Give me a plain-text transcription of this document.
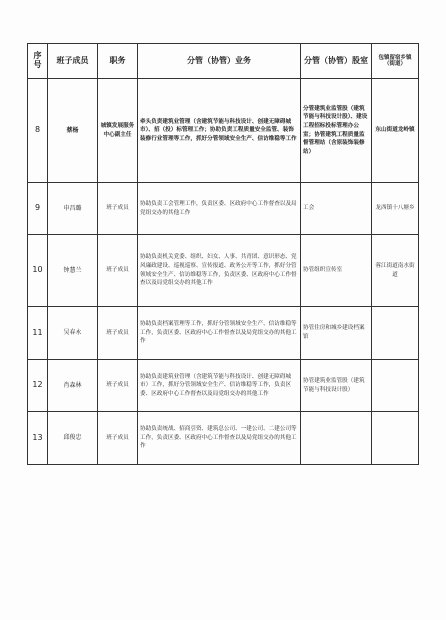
序号	班子成员	职务	分管（协管）业务	分管（协管）股室	包镇留宿乡镇（街道）
8	蔡杨	城镇发展服务中心副主任	牵头负责建筑业管理（含建筑节能与科技设计、创建无障碍城市）、招（投）标管理工作；协助负责工程质量安全监管、装饰装修行业管理等工作，抓好分管领域安全生产、信访维稳等工作	分管建筑业监管股（建筑节能与科技设计股）、建设工程招标投标管理办公室；协管建筑工程质量监督管理站（含原装饰装修站）	东山街道龙岭镇
9	申昌璐	班子成员	协助负责工会管理工作，负责区委、区政府中心工作督查以及局党组交办的其他工作	工会	龙西镇十八塘乡
10	钟慧兰	班子成员	协助负责机关党委、组织、妇女、人事、共青团、意识形态、党风廉政建设、巡视巡察、宣传报道、政务公开等工作，抓好分管领域安全生产、信访维稳等工作，负责区委、区政府中心工作督查以及局党组交办的其他工作	协管组织宣传室	蓉江街道南水街道
11	吴春永	班子成员	协助负责档案管理等工作，抓好分管领域安全生产、信访维稳等工作，负责区委、区政府中心工作督查以及局党组交办的其他工作	协管住房和城乡建设档案馆	
12	肖森林	班子成员	协助负责建筑业管理（含建筑节能与科技设计、创建无障碍城市）工作，抓好分管领域安全生产、信访维稳等工作，负责区委、区政府中心工作督查以及局党组交办的其他工作	协管建筑业监管股（建筑节能与科技设计股）	
13	邱俊忠	班子成员	协助负责统战、招商引资、建筑总公司、一建公司、二建公司等工作，负责区委、区政府中心工作督查以及局党组交办的其他工作		
